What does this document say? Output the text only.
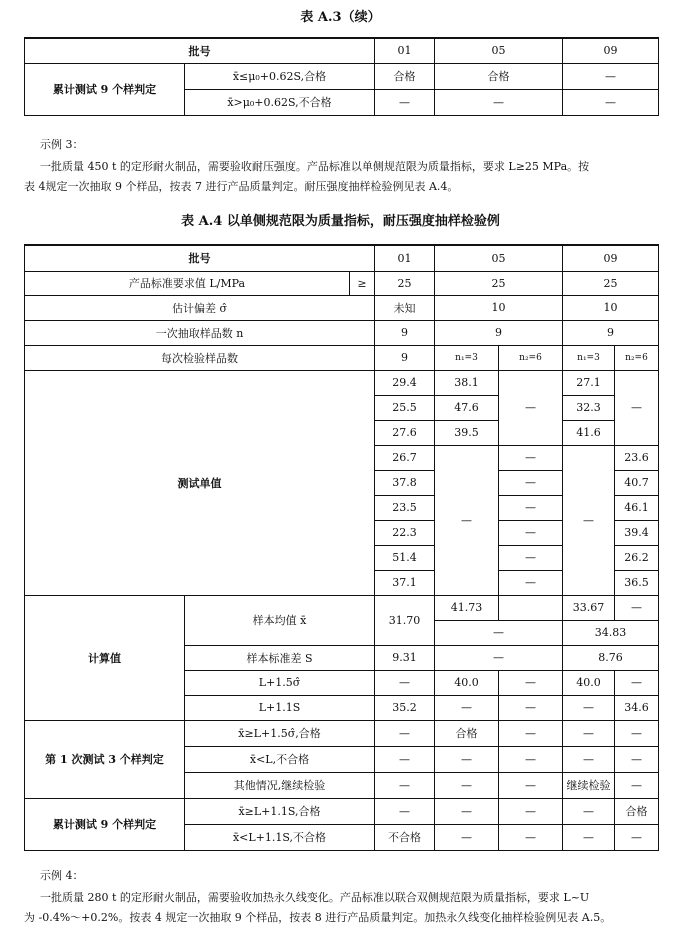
表 A.3（续）
批号		01	05	09
累计测试 9 个样判定	x̄≤μ₀+0.62S,合格	合格	合格	—
	x̄>μ₀+0.62S,不合格	—	—	—
示例 3：
一批质量 450 t 的定形耐火制品，需要验收耐压强度。产品标准以单侧规范限为质量指标，要求 L≥25 MPa。按
表 4规定一次抽取 9 个样品，按表 7 进行产品质量判定。耐压强度抽样检验例见表 A.4。
表 A.4 以单侧规范限为质量指标，耐压强度抽样检验例
批号			01	05		09	
产品标准要求值 L/MPa		≥	25	25		25	
估计偏差 σ̂			未知	10		10	
一次抽取样品数 n			9	9		9	
每次检验样品数			9	n₁=3	n₂=6	n₁=3	n₂=6
测试单值			29.4	38.1	—	27.1	—
			25.5	47.6		32.3	
			27.6	39.5		41.6	
			26.7	—	—	—	23.6
			37.8		—		40.7
			23.5		—		46.1
			22.3		—		39.4
			51.4		—		26.2
			37.1		—		36.5
计算值	样本均值 x̄		31.70	41.73		33.67	—
				—		34.83	
	样本标准差 S		9.31	—		8.76	
	L+1.5σ̂		—	40.0	—	40.0	—
	L+1.1S		35.2	—	—	—	34.6
第 1 次测试 3 个样判定	x̄≥L+1.5σ̂,合格		—	合格	—	—	—
	x̄<L,不合格		—	—	—	—	—
	其他情况,继续检验		—	—	—	继续检验	—
累计测试 9 个样判定	x̄≥L+1.1S,合格		—	—	—	—	合格
	x̄<L+1.1S,不合格		不合格	—	—	—	—
示例 4：
一批质量 280 t 的定形耐火制品，需要验收加热永久线变化。产品标准以联合双侧规范限为质量指标，要求 L~U
为 -0.4%～+0.2%。按表 4 规定一次抽取 9 个样品，按表 8 进行产品质量判定。加热永久线变化抽样检验例见表 A.5。
